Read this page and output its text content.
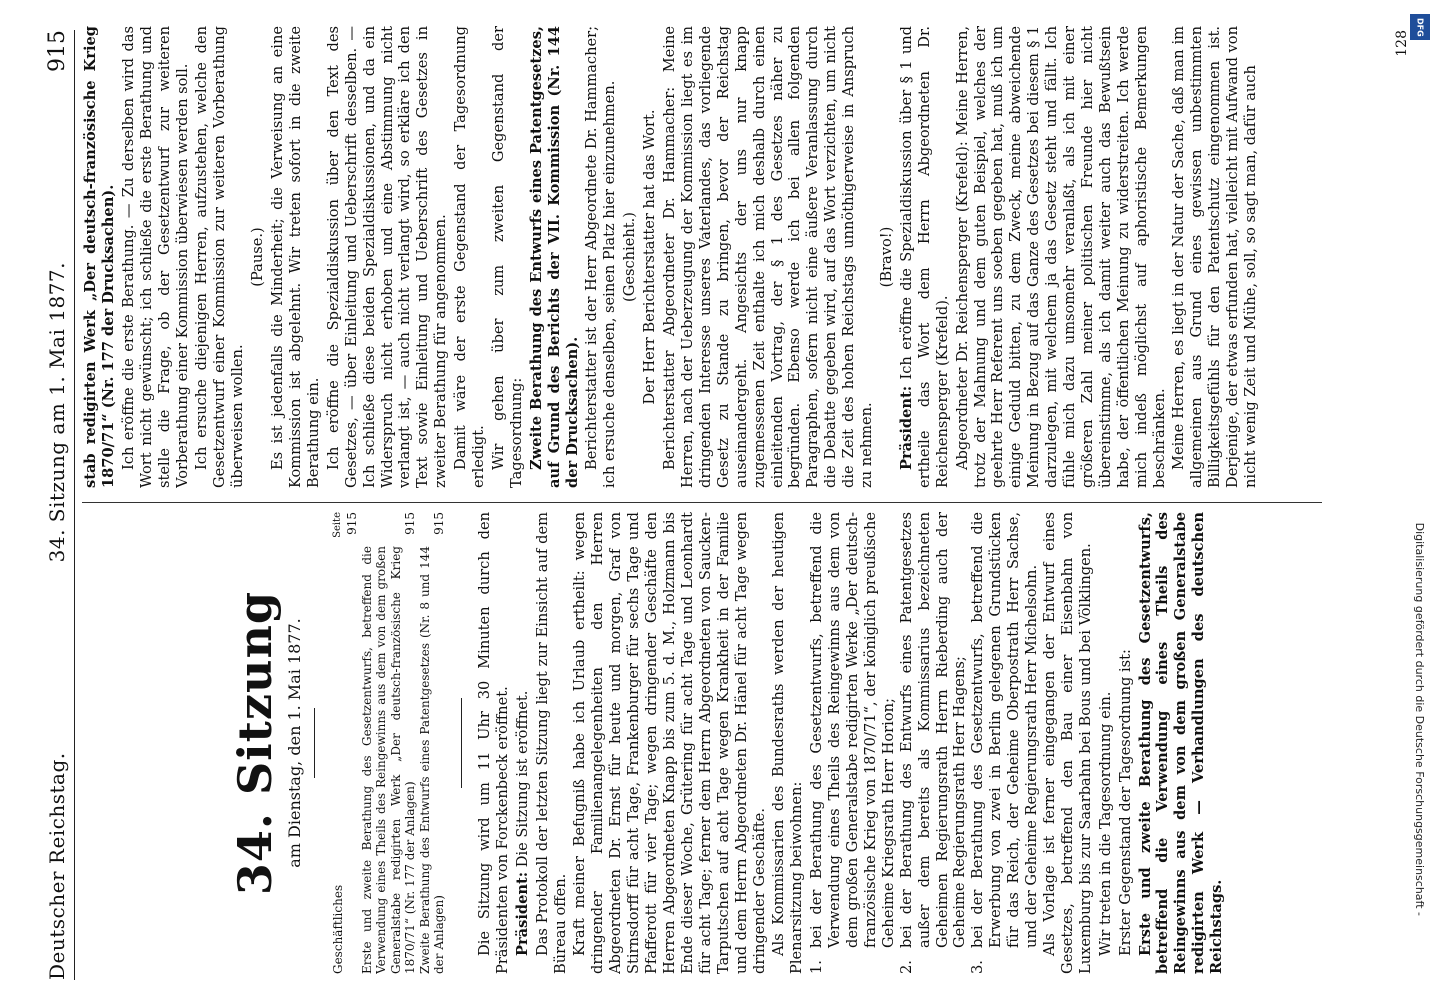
Deutscher Reichstag.
34. Sitzung am 1. Mai 1877.
915
34. Sitzung am Dienstag, den 1. Mai 1877.
Geschäftliches
Seite 915
Erste und zweite Berathung des Gesetzentwurfs, betreffend die Verwendung eines Theils des Reingewinns aus dem von dem großen Generalstabe redigirten Werk „Der deutsch-französische Krieg 1870/71“ (Nr. 177 der Anlagen)
915
Zweite Berathung des Entwurfs eines Patentgesetzes (Nr. 8 und 144 der Anlagen)
915 Die Sitzung wird um 11 Uhr 30 Minuten durch den Präsidenten von Forckenbeck eröffnet. Präsident: Die Sitzung ist eröffnet. Das Protokoll der letzten Sitzung liegt zur Einsicht auf dem Büreau offen. Kraft meiner Befugniß habe ich Urlaub ertheilt: wegen dringender Familienangelegenheiten den Herren Abgeordneten Dr. Ernst für heute und morgen, Graf von Stirnsdorff für acht Tage, Frankenburger für sechs Tage und Pfafferott für vier Tage; wegen dringender Geschäfte den Herren Abgeordneten Knapp bis zum 5. d. M., Holzmann bis Ende dieser Woche, Grütering für acht Tage und Leonhardt für acht Tage; ferner dem Herrn Abgeordneten von Saucken-Tarputschen auf acht Tage wegen Krankheit in der Familie und dem Herrn Abgeordneten Dr. Hänel für acht Tage wegen dringender Geschäfte. Als Kommissarien des Bundesraths werden der heutigen Plenarsitzung beiwohnen: 1.
bei der Berathung des Gesetzentwurfs, betreffend die Verwendung eines Theils des Reingewinns aus dem von dem großen Generalstabe redigirten Werke „Der deutsch-französische Krieg von 1870/71“, der königlich preußische Geheime Kriegsrath Herr Horion;
2.
bei der Berathung des Entwurfs eines Patentgesetzes außer dem bereits als Kommissarius bezeichneten Geheimen Regierungsrath Herrn Rieberding auch der Geheime Regierungsrath Herr Hagens;
3.
bei der Berathung des Gesetzentwurfs, betreffend die Erwerbung von zwei in Berlin gelegenen Grundstücken für das Reich, der Geheime Oberpostrath Herr Sachse, und der Geheime Regierungsrath Herr Michelsohn. Als Vorlage ist ferner eingegangen der Entwurf eines Gesetzes, betreffend den Bau einer Eisenbahn von Luxemburg bis zur Saarbahn bei Bous und bei Völklingen. Wir treten in die Tagesordnung ein. Erster Gegenstand der Tagesordnung ist: Erste und zweite Berathung des Gesetzentwurfs, betreffend die Verwendung eines Theils des Reingewinns aus dem von dem großen Generalstabe redigirten Werk — Verhandlungen des deutschen Reichstags.

stab redigirten Werk „Der deutsch-französische Krieg 1870/71“ (Nr. 177 der Drucksachen). Ich eröffne die erste Berathung. — Zu derselben wird das Wort nicht gewünscht; ich schließe die erste Berathung und stelle die Frage, ob der Gesetzentwurf zur weiteren Vorberathung einer Kommission überwiesen werden soll. Ich ersuche diejenigen Herren, aufzustehen, welche den Gesetzentwurf einer Kommission zur weiteren Vorberathung überweisen wollen.

(Pause.) Es ist jedenfalls die Minderheit; die Verweisung an eine Kommission ist abgelehnt. Wir treten sofort in die zweite Berathung ein. Ich eröffne die Spezialdiskussion über den Text des Gesetzes, — über Einleitung und Ueberschrift desselben. — Ich schließe diese beiden Spezialdiskussionen, und da ein Widerspruch nicht erhoben und eine Abstimmung nicht verlangt ist, — auch nicht verlangt wird, so erkläre ich den Text sowie Einleitung und Ueberschrift des Gesetzes in zweiter Berathung für angenommen. Damit wäre der erste Gegenstand der Tagesordnung erledigt. Wir gehen über zum zweiten Gegenstand der Tagesordnung: Zweite Berathung des Entwurfs eines Patentgesetzes, auf Grund des Berichts der VII. Kommission (Nr. 144 der Drucksachen). Berichterstatter ist der Herr Abgeordnete Dr. Hammacher; ich ersuche denselben, seinen Platz hier einzunehmen. (Geschieht.) Der Herr Berichterstatter hat das Wort. Berichterstatter Abgeordneter Dr. Hammacher: Meine Herren, nach der Ueberzeugung der Kommission liegt es im dringenden Interesse unseres Vaterlandes, das vorliegende Gesetz zu Stande zu bringen, bevor der Reichstag auseinandergeht. Angesichts der uns nur knapp zugemessenen Zeit enthalte ich mich deshalb durch einen einleitenden Vortrag, der § 1 des Gesetzes näher zu begründen. Ebenso werde ich bei allen folgenden Paragraphen, sofern nicht eine äußere Veranlassung durch die Debatte gegeben wird, auf das Wort verzichten, um nicht die Zeit des hohen Reichstags unnöthigerweise in Anspruch zu nehmen.

(Bravo!)

Präsident: Ich eröffne die Spezialdiskussion über § 1 und ertheile das Wort dem Herrn Abgeordneten Dr. Reichensperger (Krefeld). Abgeordneter Dr. Reichensperger (Krefeld): Meine Herren, trotz der Mahnung und dem guten Beispiel, welches der geehrte Herr Referent uns soeben gegeben hat, muß ich um einige Geduld bitten, zu dem Zweck, meine abweichende Meinung in Bezug auf das Ganze des Gesetzes bei diesem § 1 darzulegen, mit welchem ja das Gesetz steht und fällt. Ich fühle mich dazu umsomehr veranlaßt, als ich mit einer größeren Zahl meiner politischen Freunde hier nicht übereinstimme, als ich damit weiter auch das Bewußtsein habe, der öffentlichen Meinung zu widerstreiten. Ich werde mich indeß möglichst auf aphoristische Bemerkungen beschränken. Meine Herren, es liegt in der Natur der Sache, daß man im allgemeinen aus Grund eines gewissen unbestimmten Billigkeitsgefühls für den Patentschutz eingenommen ist. Derjenige, der etwas erfunden hat, vielleicht mit Aufwand von nicht wenig Zeit und Mühe, soll, so sagt man, dafür auch

128
DFG
Digitalisierung gefördert durch die Deutsche Forschungsgemeinschaft -
